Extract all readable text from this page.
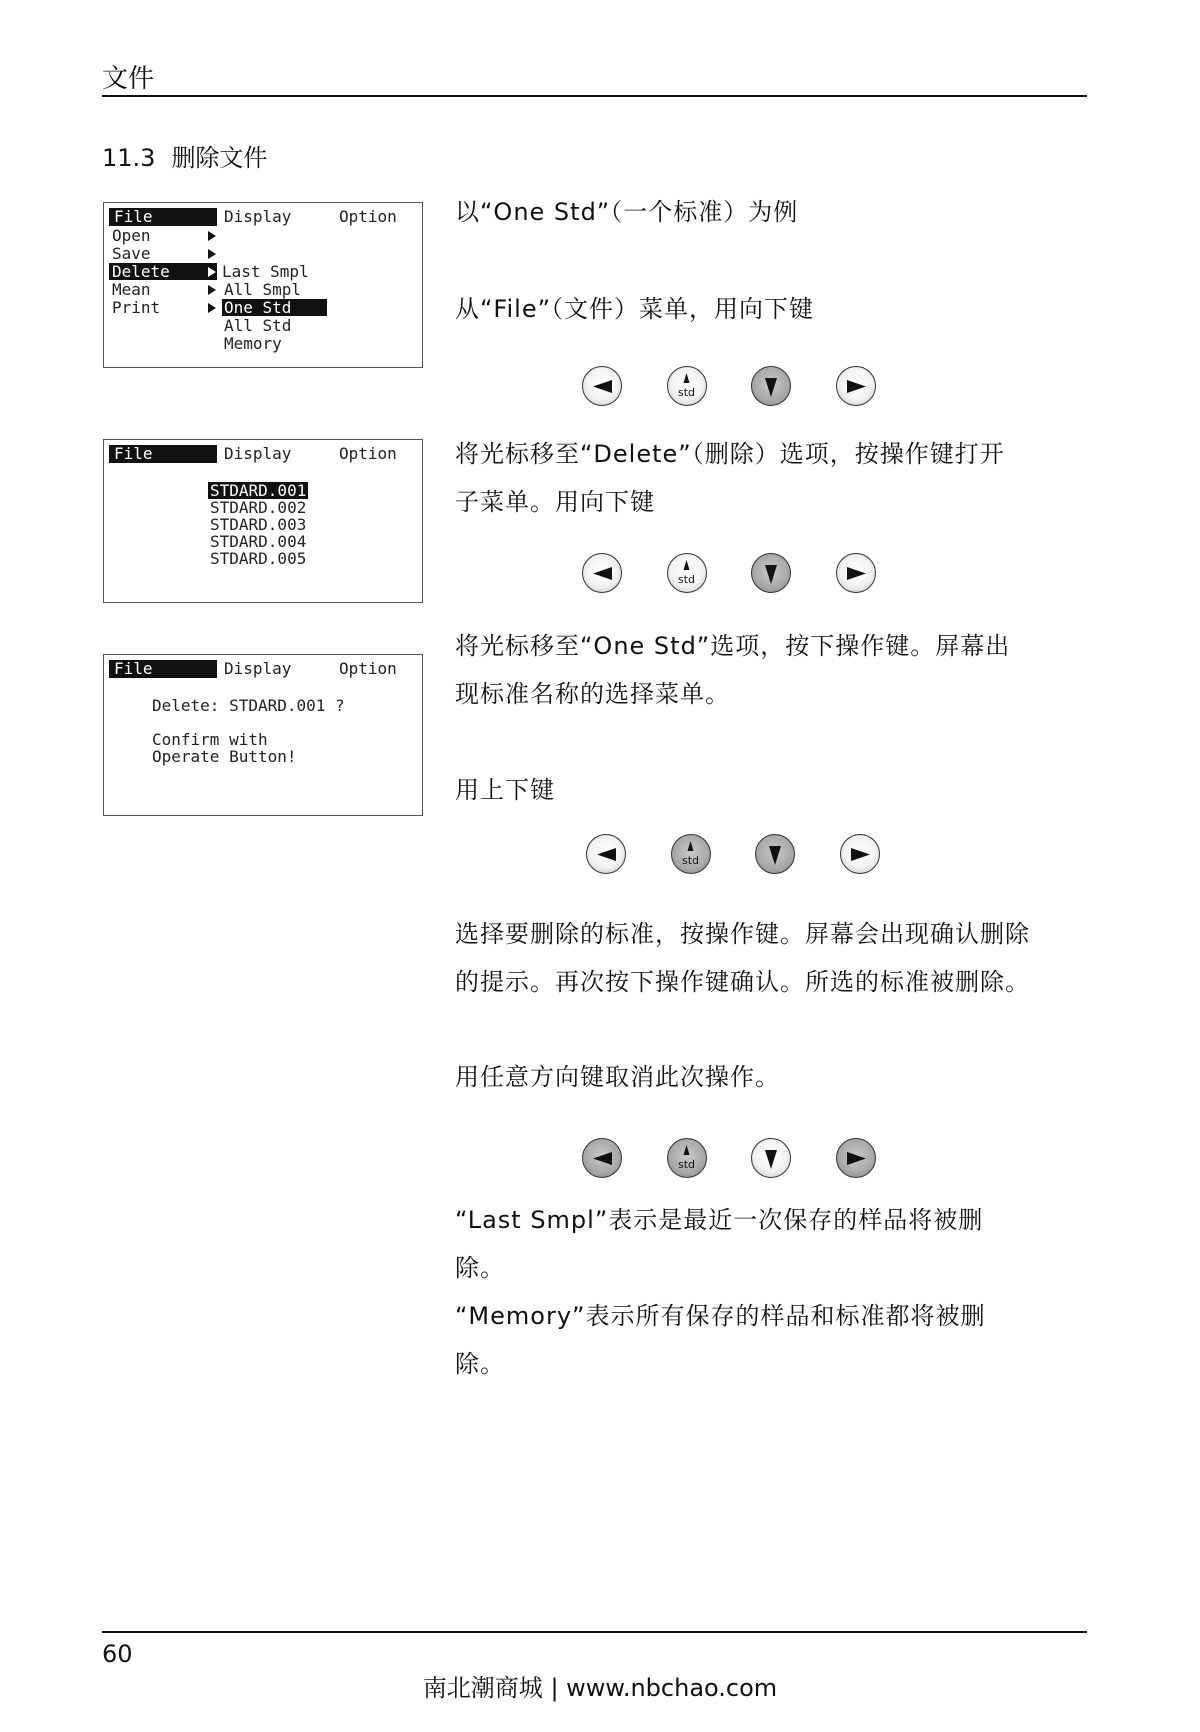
文件
11.3 删除文件
File	Display	Option
Open
Save
Delete
Mean
Print
Last Smpl
All Smpl
One Std
All Std
Memory
File	Display	Option
STDARD.001
STDARD.002
STDARD.003
STDARD.004
STDARD.005
File	Display	Option
Delete: STDARD.001 ?
Confirm with
Operate Button!
以“One Std”（一个标准）为例
从“File”（文件）菜单，用向下键
std
将光标移至“Delete”（删除）选项，按操作键打开
子菜单。用向下键
std
将光标移至“One Std”选项，按下操作键。屏幕出
现标准名称的选择菜单。
用上下键
std
选择要删除的标准，按操作键。屏幕会出现确认删除
的提示。再次按下操作键确认。所选的标准被删除。
用任意方向键取消此次操作。
std
“Last Smpl”表示是最近一次保存的样品将被删
除。
“Memory”表示所有保存的样品和标准都将被删
除。
60
南北潮商城 | www.nbchao.com
